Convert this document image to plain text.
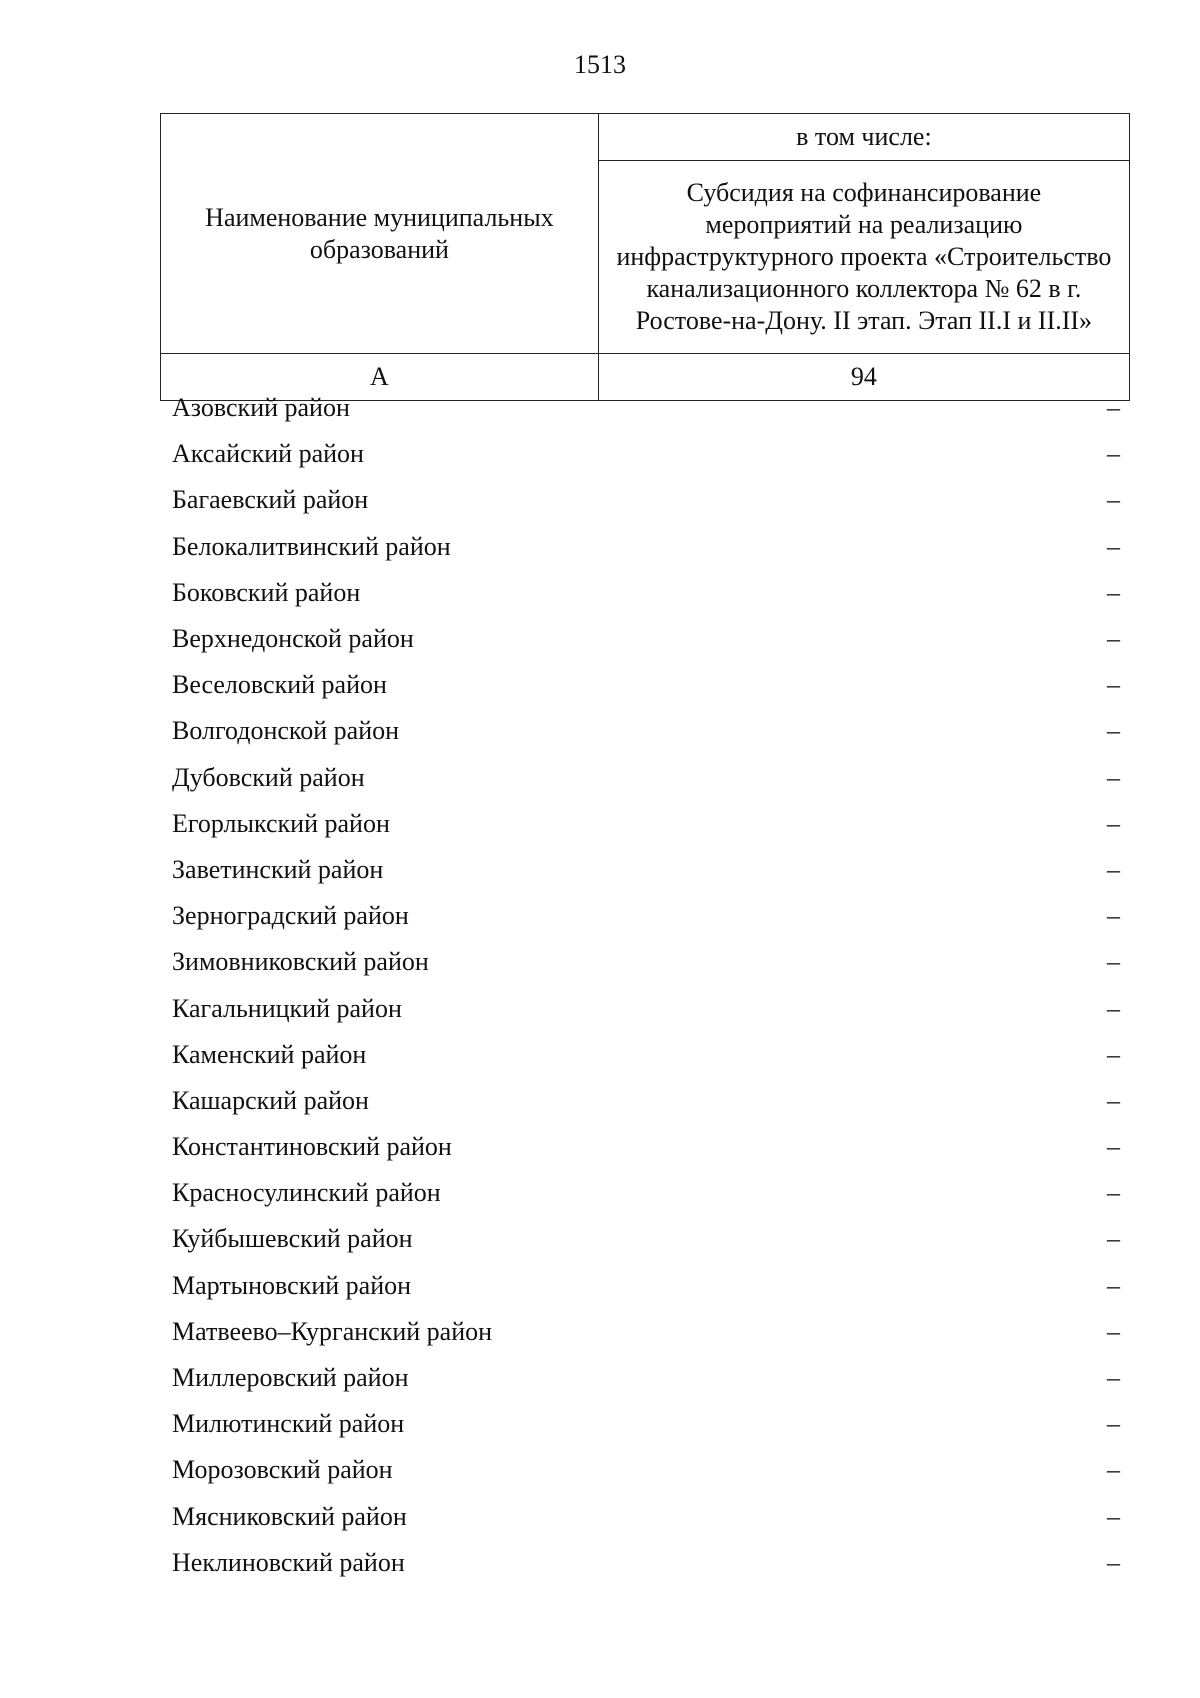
1513
Наименование муниципальных образований	в том числе:
	Субсидия на софинансирование мероприятий на реализацию инфраструктурного проекта «Строительство канализационного коллектора № 62 в г. Ростове-на-Дону. II этап. Этап II.I и II.II»
А	94
Азовский район	–
Аксайский район	–
Багаевский район	–
Белокалитвинский район	–
Боковский район	–
Верхнедонской район	–
Веселовский район	–
Волгодонской район	–
Дубовский район	–
Егорлыкский район	–
Заветинский район	–
Зерноградский район	–
Зимовниковский район	–
Кагальницкий район	–
Каменский район	–
Кашарский район	–
Константиновский район	–
Красносулинский район	–
Куйбышевский район	–
Мартыновский район	–
Матвеево–Курганский район	–
Миллеровский район	–
Милютинский район	–
Морозовский район	–
Мясниковский район	–
Неклиновский район	–
